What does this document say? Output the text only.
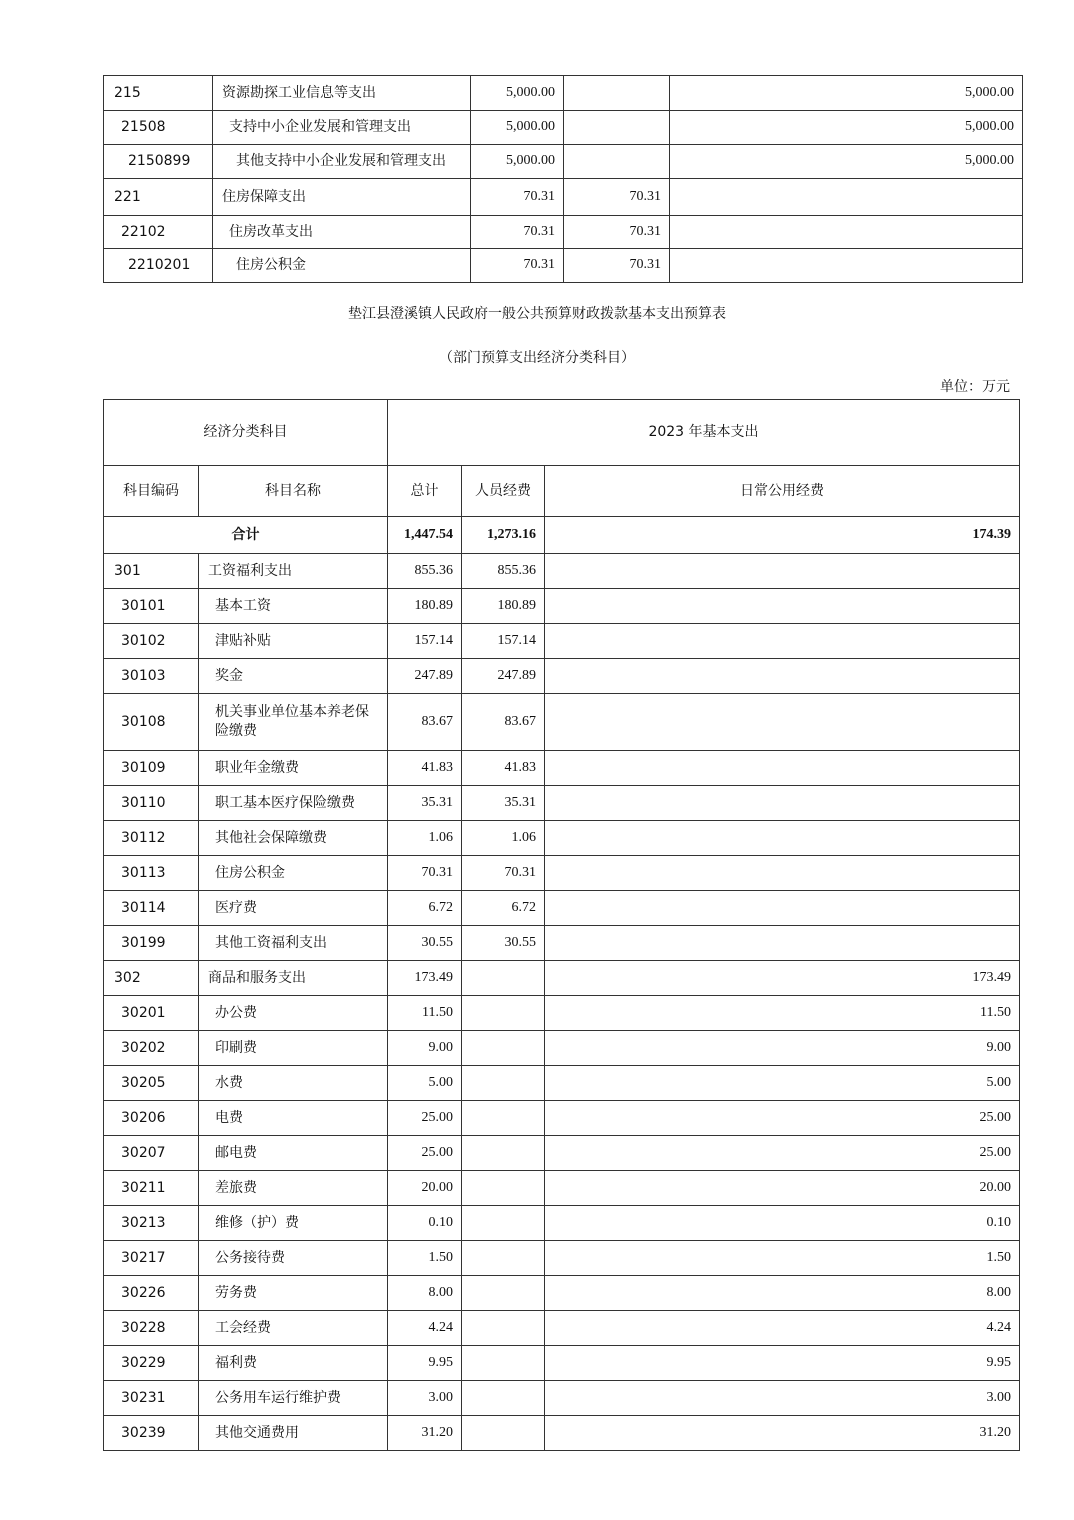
215	资源勘探工业信息等支出	5,000.00		5,000.00
21508	支持中小企业发展和管理支出	5,000.00		5,000.00
2150899	其他支持中小企业发展和管理支出	5,000.00		5,000.00
221	住房保障支出	70.31	70.31	
22102	住房改革支出	70.31	70.31	
2210201	住房公积金	70.31	70.31	
垫江县澄溪镇人民政府一般公共预算财政拨款基本支出预算表
（部门预算支出经济分类科目）
单位：万元
经济分类科目		2023 年基本支出		
科目编码	科目名称	总计	人员经费	日常公用经费
合计		1,447.54	1,273.16	174.39
301	工资福利支出	855.36	855.36	
30101	基本工资	180.89	180.89	
30102	津贴补贴	157.14	157.14	
30103	奖金	247.89	247.89	
30108	机关事业单位基本养老保险缴费	83.67	83.67	
30109	职业年金缴费	41.83	41.83	
30110	职工基本医疗保险缴费	35.31	35.31	
30112	其他社会保障缴费	1.06	1.06	
30113	住房公积金	70.31	70.31	
30114	医疗费	6.72	6.72	
30199	其他工资福利支出	30.55	30.55	
302	商品和服务支出	173.49		173.49
30201	办公费	11.50		11.50
30202	印刷费	9.00		9.00
30205	水费	5.00		5.00
30206	电费	25.00		25.00
30207	邮电费	25.00		25.00
30211	差旅费	20.00		20.00
30213	维修（护）费	0.10		0.10
30217	公务接待费	1.50		1.50
30226	劳务费	8.00		8.00
30228	工会经费	4.24		4.24
30229	福利费	9.95		9.95
30231	公务用车运行维护费	3.00		3.00
30239	其他交通费用	31.20		31.20
